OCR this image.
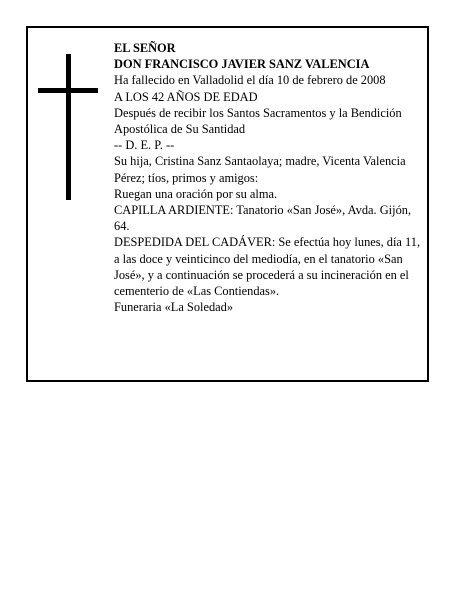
EL SEÑOR

DON FRANCISCO JAVIER SANZ VALENCIA

Ha fallecido en Valladolid el día 10 de febrero de 2008

A LOS 42 AÑOS DE EDAD

Después de recibir los Santos Sacramentos y la Bendición Apostólica de Su Santidad

-- D. E. P. --

Su hija, Cristina Sanz Santaolaya; madre, Vicenta Valencia Pérez; tíos, primos y amigos:

Ruegan una oración por su alma.

CAPILLA ARDIENTE: Tanatorio «San José», Avda. Gijón, 64.

DESPEDIDA DEL CADÁVER: Se efectúa hoy lunes, día 11, a las doce y veinticinco del mediodía, en el tanatorio «San José», y a continuación se procederá a su incineración en el cementerio de «Las Contiendas».

Funeraria «La Soledad»
